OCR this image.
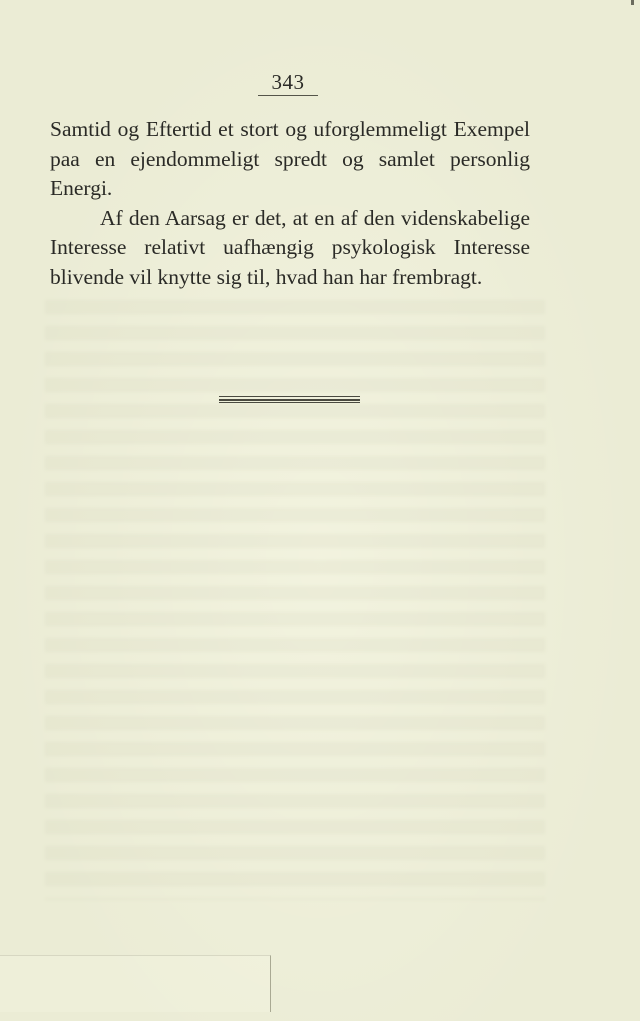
343

Samtid og Eftertid et stort og uforglemmeligt Exempel paa en ejendommeligt spredt og samlet personlig Energi.

Af den Aarsag er det, at en af den videnskabelige Interesse relativt uafhængig psykologisk Interesse blivende vil knytte sig til, hvad han har frembragt.
